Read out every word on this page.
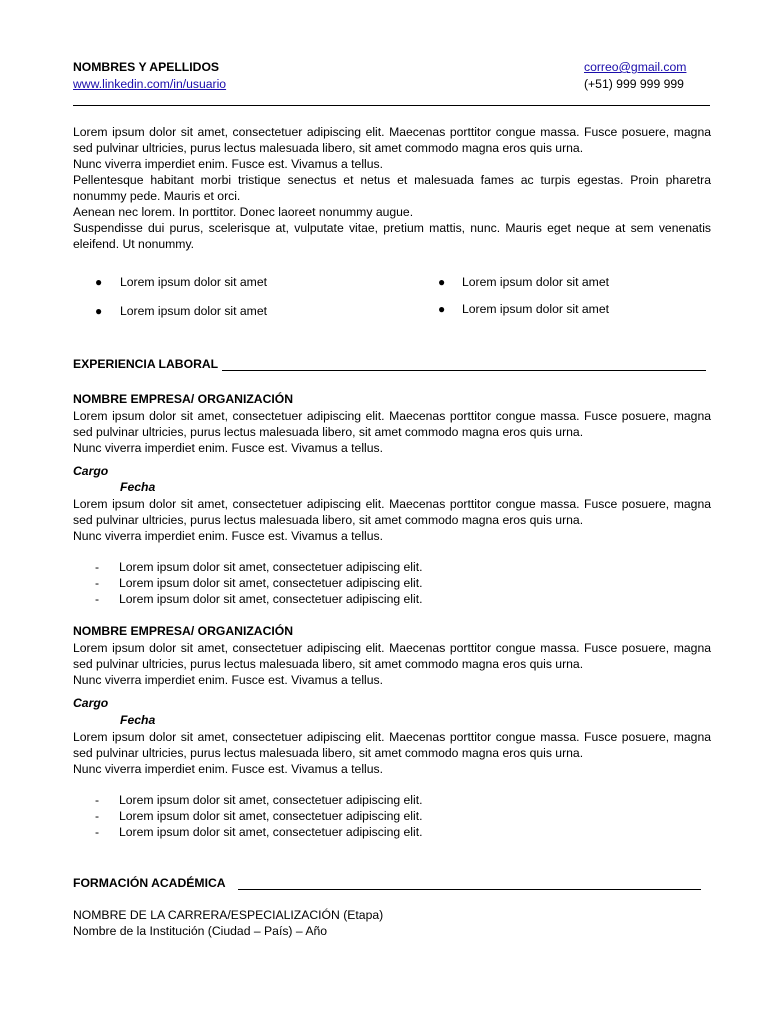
NOMBRES Y APELLIDOS
www.linkedin.com/in/usuario
correo@gmail.com
(+51) 999 999 999

Lorem ipsum dolor sit amet, consectetuer adipiscing elit. Maecenas porttitor congue massa. Fusce posuere, magna sed pulvinar ultricies, purus lectus malesuada libero, sit amet commodo magna eros quis urna.

Nunc viverra imperdiet enim. Fusce est. Vivamus a tellus.

Pellentesque habitant morbi tristique senectus et netus et malesuada fames ac turpis egestas. Proin pharetra nonummy pede. Mauris et orci.

Aenean nec lorem. In porttitor. Donec laoreet nonummy augue.

Suspendisse dui purus, scelerisque at, vulputate vitae, pretium mattis, nunc. Mauris eget neque at sem venenatis eleifend. Ut nonummy.

● Lorem ipsum dolor sit amet
● Lorem ipsum dolor sit amet
● Lorem ipsum dolor sit amet
● Lorem ipsum dolor sit amet
EXPERIENCIA LABORAL
NOMBRE EMPRESA/ ORGANIZACIÓN

Lorem ipsum dolor sit amet, consectetuer adipiscing elit. Maecenas porttitor congue massa. Fusce posuere, magna sed pulvinar ultricies, purus lectus malesuada libero, sit amet commodo magna eros quis urna.

Nunc viverra imperdiet enim. Fusce est. Vivamus a tellus.

Cargo
Fecha

Lorem ipsum dolor sit amet, consectetuer adipiscing elit. Maecenas porttitor congue massa. Fusce posuere, magna sed pulvinar ultricies, purus lectus malesuada libero, sit amet commodo magna eros quis urna.

Nunc viverra imperdiet enim. Fusce est. Vivamus a tellus.

- Lorem ipsum dolor sit amet, consectetuer adipiscing elit.
- Lorem ipsum dolor sit amet, consectetuer adipiscing elit.
- Lorem ipsum dolor sit amet, consectetuer adipiscing elit.
NOMBRE EMPRESA/ ORGANIZACIÓN

Lorem ipsum dolor sit amet, consectetuer adipiscing elit. Maecenas porttitor congue massa. Fusce posuere, magna sed pulvinar ultricies, purus lectus malesuada libero, sit amet commodo magna eros quis urna.

Nunc viverra imperdiet enim. Fusce est. Vivamus a tellus.

Cargo
Fecha

Lorem ipsum dolor sit amet, consectetuer adipiscing elit. Maecenas porttitor congue massa. Fusce posuere, magna sed pulvinar ultricies, purus lectus malesuada libero, sit amet commodo magna eros quis urna.

Nunc viverra imperdiet enim. Fusce est. Vivamus a tellus.

- Lorem ipsum dolor sit amet, consectetuer adipiscing elit.
- Lorem ipsum dolor sit amet, consectetuer adipiscing elit.
- Lorem ipsum dolor sit amet, consectetuer adipiscing elit.
FORMACIÓN ACADÉMICA
NOMBRE DE LA CARRERA/ESPECIALIZACIÓN (Etapa)
Nombre de la Institución (Ciudad – País) – Año
